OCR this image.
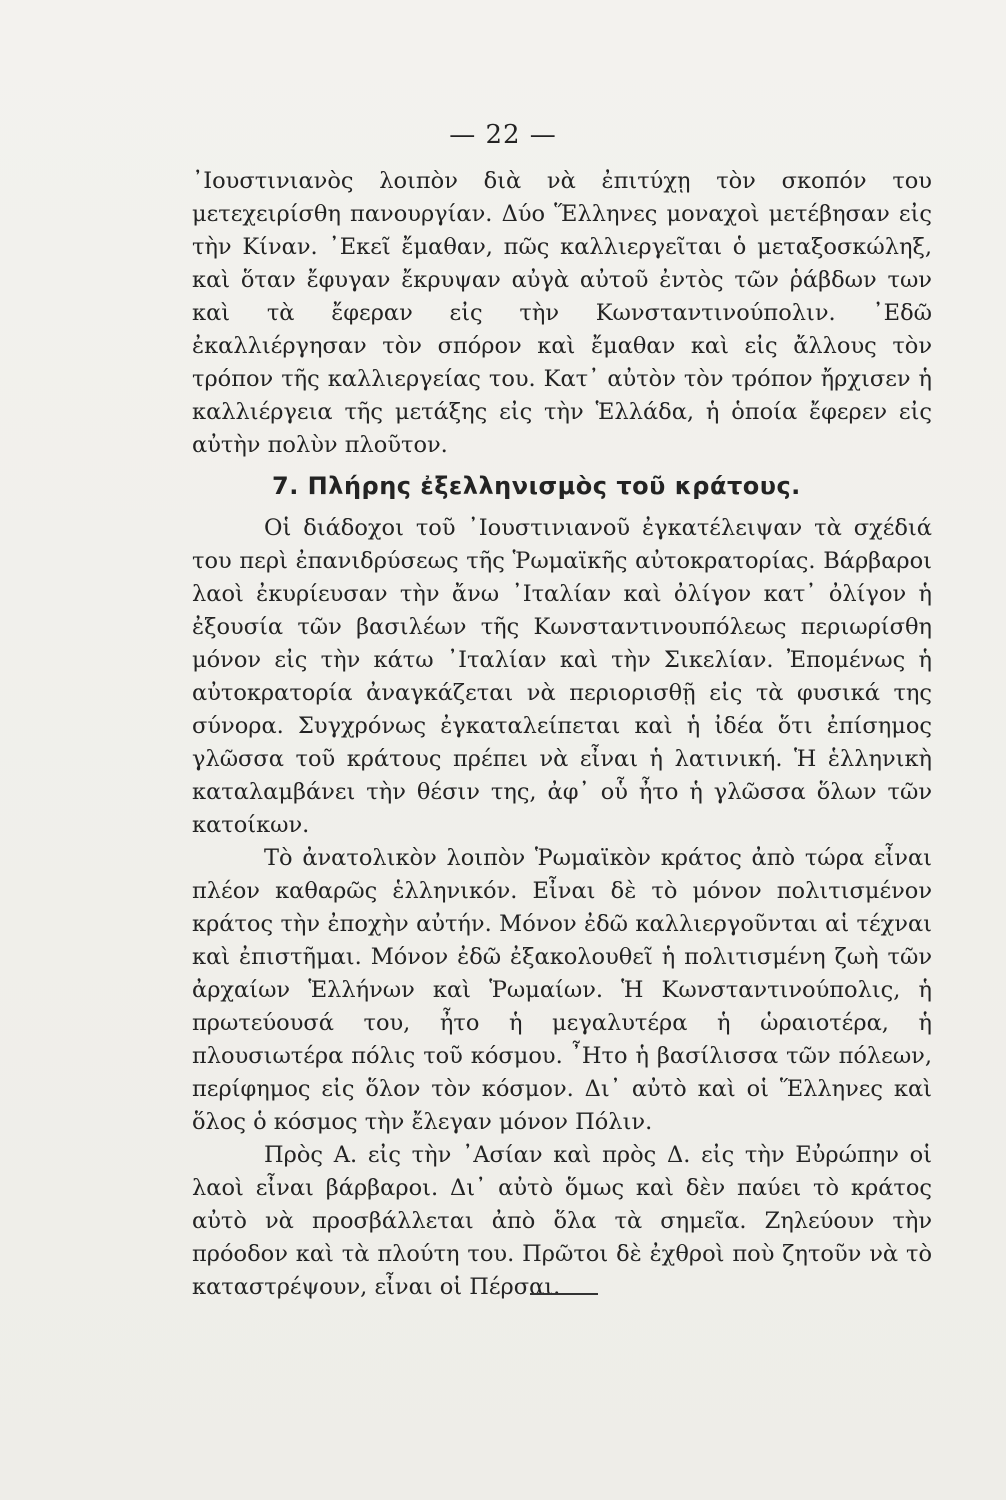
— 22 —

᾿Ιουστινιανὸς λοιπὸν διὰ νὰ ἐπιτύχῃ τὸν σκοπόν του μετεχειρίσθη πανουργίαν. Δύο Ἕλληνες μοναχοὶ μετέβησαν εἰς τὴν Κίναν. ᾿Εκεῖ ἔμαθαν, πῶς καλλιεργεῖται ὁ μεταξοσκώληξ, καὶ ὅταν ἔφυγαν ἔκρυψαν αὐγὰ αὐτοῦ ἐντὸς τῶν ῥάβδων των καὶ τὰ ἔφεραν εἰς τὴν Κωνσταντινούπολιν. ᾿Εδῶ ἐκαλλιέργησαν τὸν σπόρον καὶ ἔμαθαν καὶ εἰς ἄλλους τὸν τρόπον τῆς καλλιεργείας του. Κατ᾿ αὐτὸν τὸν τρόπον ἤρχισεν ἡ καλλιέργεια τῆς μετάξης εἰς τὴν Ἑλλάδα, ἡ ὁποία ἔφερεν εἰς αὐτὴν πολὺν πλοῦτον.

7. Πλήρης ἐξελληνισμὸς τοῦ κράτους.

Οἱ διάδοχοι τοῦ ᾿Ιουστινιανοῦ ἐγκατέλειψαν τὰ σχέδιά του περὶ ἐπανιδρύσεως τῆς Ῥωμαϊκῆς αὐτοκρατορίας. Βάρβαροι λαοὶ ἐκυρίευσαν τὴν ἄνω ᾿Ιταλίαν καὶ ὀλίγον κατ᾿ ὀλίγον ἡ ἐξουσία τῶν βασιλέων τῆς Κωνσταντινουπόλεως περιωρίσθη μόνον εἰς τὴν κάτω ᾿Ιταλίαν καὶ τὴν Σικελίαν. Ἐπομένως ἡ αὐτοκρατορία ἀναγκάζεται νὰ περιορισθῇ εἰς τὰ φυσικά της σύνορα. Συγχρόνως ἐγκαταλείπεται καὶ ἡ ἰδέα ὅτι ἐπίσημος γλῶσσα τοῦ κράτους πρέπει νὰ εἶναι ἡ λατινική. Ἡ ἑλληνικὴ καταλαμβάνει τὴν θέσιν της, ἀφ᾿ οὗ ἦτο ἡ γλῶσσα ὅλων τῶν κατοίκων.

Τὸ ἀνατολικὸν λοιπὸν Ῥωμαϊκὸν κράτος ἀπὸ τώρα εἶναι πλέον καθαρῶς ἑλληνικόν. Εἶναι δὲ τὸ μόνον πολιτισμένον κράτος τὴν ἐποχὴν αὐτήν. Μόνον ἐδῶ καλλιεργοῦνται αἱ τέχναι καὶ ἐπιστῆμαι. Μόνον ἐδῶ ἐξακολουθεῖ ἡ πολιτισμένη ζωὴ τῶν ἀρχαίων Ἑλλήνων καὶ Ῥωμαίων. Ἡ Κωνσταντινούπολις, ἡ πρωτεύουσά του, ἦτο ἡ μεγαλυτέρα ἡ ὡραιοτέρα, ἡ πλουσιωτέρα πόλις τοῦ κόσμου. ῏Ητο ἡ βασίλισσα τῶν πόλεων, περίφημος εἰς ὅλον τὸν κόσμον. Δι᾿ αὐτὸ καὶ οἱ Ἕλληνες καὶ ὅλος ὁ κόσμος τὴν ἔλεγαν μόνον Πόλιν.

Πρὸς Α. εἰς τὴν ᾿Ασίαν καὶ πρὸς Δ. εἰς τὴν Εὐρώπην οἱ λαοὶ εἶναι βάρβαροι. Δι᾿ αὐτὸ ὅμως καὶ δὲν παύει τὸ κράτος αὐτὸ νὰ προσβάλλεται ἀπὸ ὅλα τὰ σημεῖα. Ζηλεύουν τὴν πρόοδον καὶ τὰ πλούτη του. Πρῶτοι δὲ ἐχθροὶ ποὺ ζητοῦν νὰ τὸ καταστρέψουν, εἶναι οἱ Πέρσαι.
